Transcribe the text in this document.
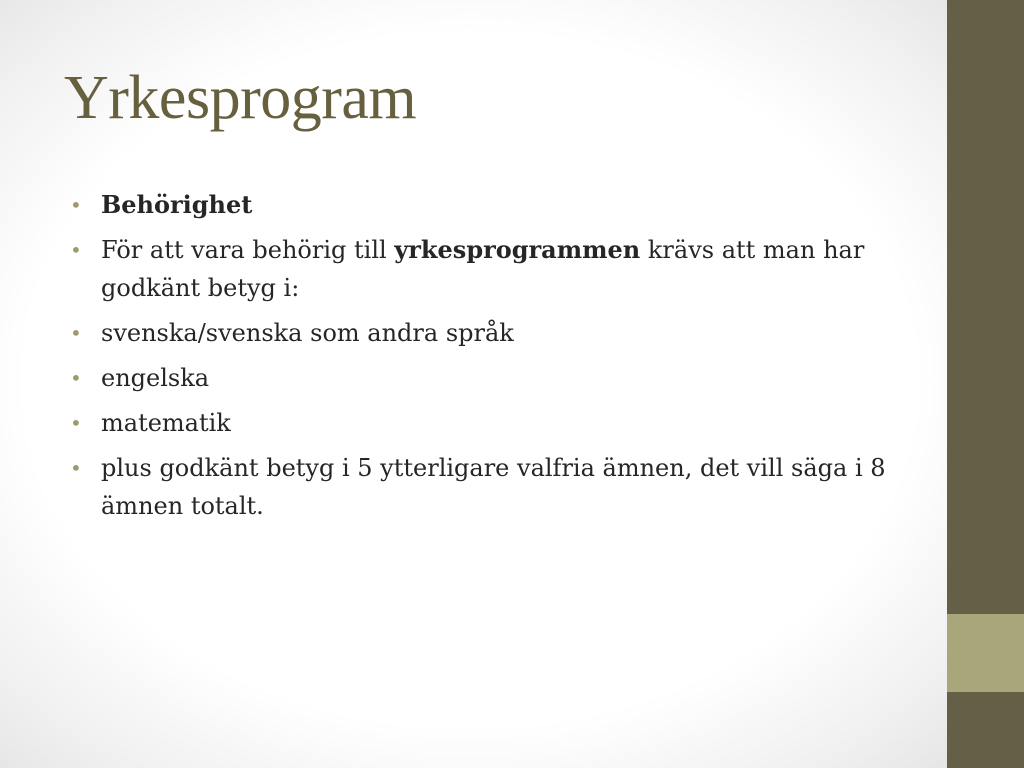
Yrkesprogram
• Behörighet
• För att vara behörig till yrkesprogrammen krävs att man har godkänt betyg i:
• svenska/svenska som andra språk
• engelska
• matematik
• plus godkänt betyg i 5 ytterligare valfria ämnen, det vill säga i 8 ämnen totalt.
